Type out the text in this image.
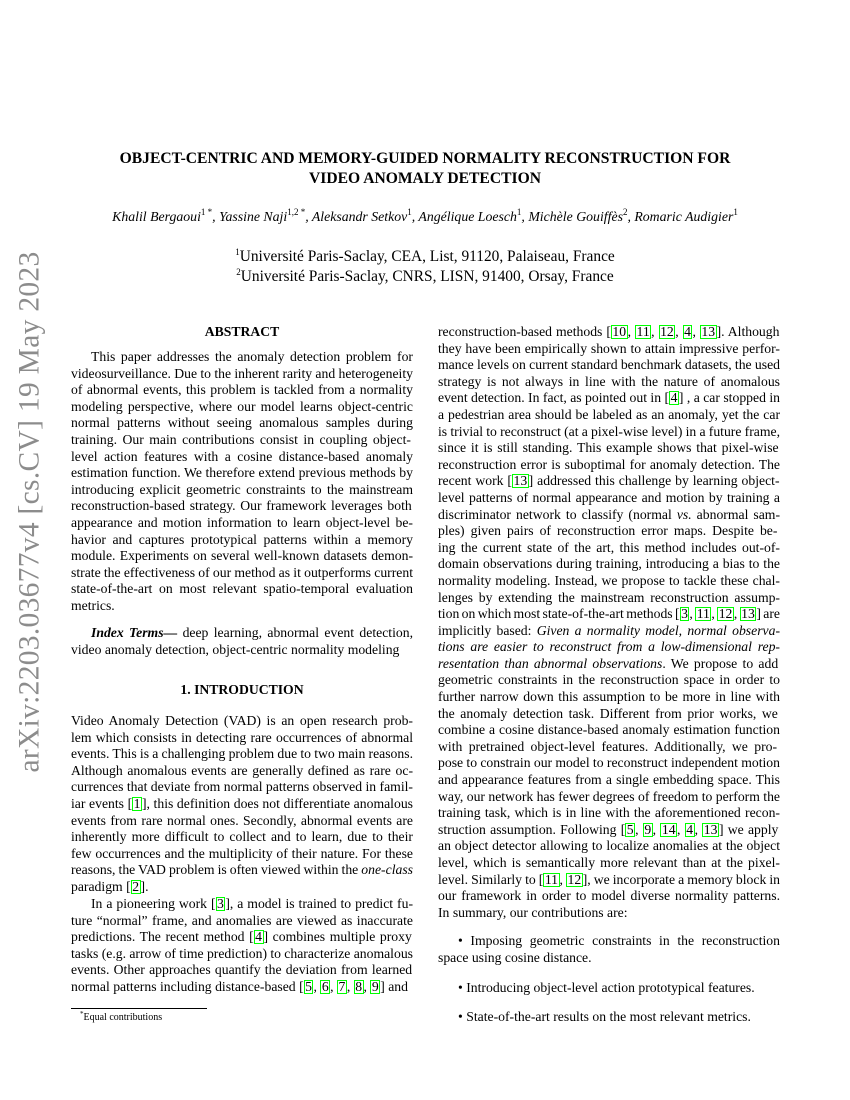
arXiv:2203.03677v4 [cs.CV] 19 May 2023
OBJECT-CENTRIC AND MEMORY-GUIDED NORMALITY RECONSTRUCTION FOR
VIDEO ANOMALY DETECTION
Khalil Bergaoui$^{1 *}$, Yassine Naji$^{1,2 *}$, Aleksandr Setkov$^1$, Angélique Loesch$^1$, Michèle Gouiffès$^2$, Romaric Audigier$^1$
$^1$Université Paris-Saclay, CEA, List, 91120, Palaiseau, France
$^2$Université Paris-Saclay, CNRS, LISN, 91400, Orsay, France
ABSTRACT
This paper addresses the anomaly detection problem for
videosurveillance. Due to the inherent rarity and heterogeneity
of abnormal events, this problem is tackled from a normality
modeling perspective, where our model learns object-centric
normal patterns without seeing anomalous samples during
training. Our main contributions consist in coupling object-
level action features with a cosine distance-based anomaly
estimation function. We therefore extend previous methods by
introducing explicit geometric constraints to the mainstream
reconstruction-based strategy. Our framework leverages both
appearance and motion information to learn object-level be-
havior and captures prototypical patterns within a memory
module. Experiments on several well-known datasets demon-
strate the effectiveness of our method as it outperforms current
state-of-the-art on most relevant spatio-temporal evaluation
metrics.
Index Terms— deep learning, abnormal event detection,
video anomaly detection, object-centric normality modeling
1. INTRODUCTION
Video Anomaly Detection (VAD) is an open research prob-
lem which consists in detecting rare occurrences of abnormal
events. This is a challenging problem due to two main reasons.
Although anomalous events are generally defined as rare oc-
currences that deviate from normal patterns observed in famil-
iar events [ 1 ], this definition does not differentiate anomalous
events from rare normal ones. Secondly, abnormal events are
inherently more difficult to collect and to learn, due to their
few occurrences and the multiplicity of their nature. For these
reasons, the VAD problem is often viewed within the one-class
paradigm [ 2 ].
In a pioneering work [ 3 ], a model is trained to predict fu-
ture “normal” frame, and anomalies are viewed as inaccurate
predictions. The recent method [ 4 ] combines multiple proxy
tasks (e.g. arrow of time prediction) to characterize anomalous
events. Other approaches quantify the deviation from learned
normal patterns including distance-based [ 5 , 6 , 7 , 8 , 9 ] and
reconstruction-based methods [ 10 , 11 , 12 , 4 , 13 ]. Although
they have been empirically shown to attain impressive perfor-
mance levels on current standard benchmark datasets, the used
strategy is not always in line with the nature of anomalous
event detection. In fact, as pointed out in [ 4 ] , a car stopped in
a pedestrian area should be labeled as an anomaly, yet the car
is trivial to reconstruct (at a pixel-wise level) in a future frame,
since it is still standing. This example shows that pixel-wise
reconstruction error is suboptimal for anomaly detection. The
recent work [ 13 ] addressed this challenge by learning object-
level patterns of normal appearance and motion by training a
discriminator network to classify (normal vs. abnormal sam-
ples) given pairs of reconstruction error maps. Despite be-
ing the current state of the art, this method includes out-of-
domain observations during training, introducing a bias to the
normality modeling. Instead, we propose to tackle these chal-
lenges by extending the mainstream reconstruction assump-
tion on which most state-of-the-art methods [ 3 , 11 , 12 , 13 ] are
implicitly based: Given a normality model, normal observa-
tions are easier to reconstruct from a low-dimensional rep-
resentation than abnormal observations. We propose to add
geometric constraints in the reconstruction space in order to
further narrow down this assumption to be more in line with
the anomaly detection task. Different from prior works, we
combine a cosine distance-based anomaly estimation function
with pretrained object-level features. Additionally, we pro-
pose to constrain our model to reconstruct independent motion
and appearance features from a single embedding space. This
way, our network has fewer degrees of freedom to perform the
training task, which is in line with the aforementioned recon-
struction assumption. Following [ 5 , 9 , 14 , 4 , 13 ] we apply
an object detector allowing to localize anomalies at the object
level, which is semantically more relevant than at the pixel-
level. Similarly to [ 11 , 12 ], we incorporate a memory block in
our framework in order to model diverse normality patterns.
In summary, our contributions are:
• Imposing geometric constraints in the reconstruction
space using cosine distance.
• Introducing object-level action prototypical features.
• State-of-the-art results on the most relevant metrics.
*Equal contributions
